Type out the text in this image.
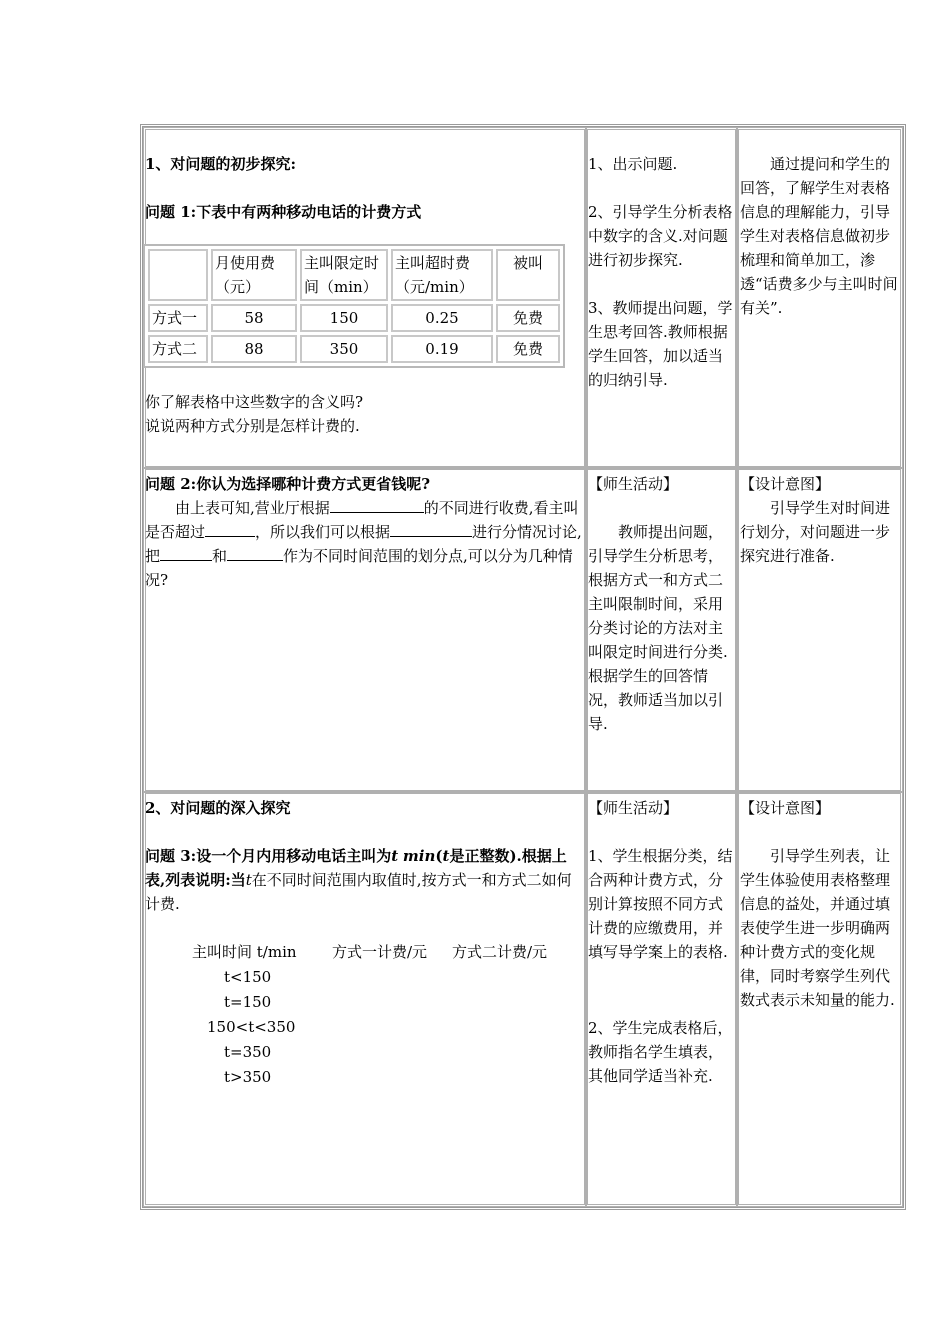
1、对问题的初步探究:
问题 1:下表中有两种移动电话的计费方式
	月使用费（元）	主叫限定时间（min）	主叫超时费（元/min）	被叫
方式一	58	150	0.25	免费
方式二	88	350	0.19	免费
你了解表格中这些数字的含义吗?
说说两种方式分别是怎样计费的.

1、出示问题.

2、引导学生分析表格中数字的含义.对问题进行初步探究.

3、教师提出问题，学生思考回答.教师根据学生回答，加以适当的归纳引导.

通过提问和学生的回答，了解学生对表格信息的理解能力，引导学生对表格信息做初步梳理和简单加工，渗透“话费多少与主叫时间有关”.

问题 2:你认为选择哪种计费方式更省钱呢?
由上表可知,营业厅根据	的不同进行收费,看主叫是否超过	，所以我们可以根据	进行分情况讨论,把	和	作为不同时间范围的划分点,可以分为几种情况?
【师生活动】
教师提出问题，引导学生分析思考，根据方式一和方式二主叫限制时间，采用分类讨论的方法对主叫限定时间进行分类.根据学生的回答情况，教师适当加以引导.
【设计意图】
引导学生对时间进行划分，对问题进一步探究进行准备.
2、对问题的深入探究
问题 3:设一个月内用移动电话主叫为t min(t是正整数).根据上表,列表说明:当t在不同时间范围内取值时,按方式一和方式二如何计费.
主叫时间 t/min 方式一计费/元 方式二计费/元
t<150
t=150
150<t<350
t=350
t>350
【师生活动】
1、学生根据分类，结合两种计费方式，分别计算按照不同方式计费的应缴费用，并填写导学案上的表格.
2、学生完成表格后，教师指名学生填表，其他同学适当补充.
【设计意图】
引导学生列表，让学生体验使用表格整理信息的益处，并通过填表使学生进一步明确两种计费方式的变化规律，同时考察学生列代数式表示未知量的能力.
